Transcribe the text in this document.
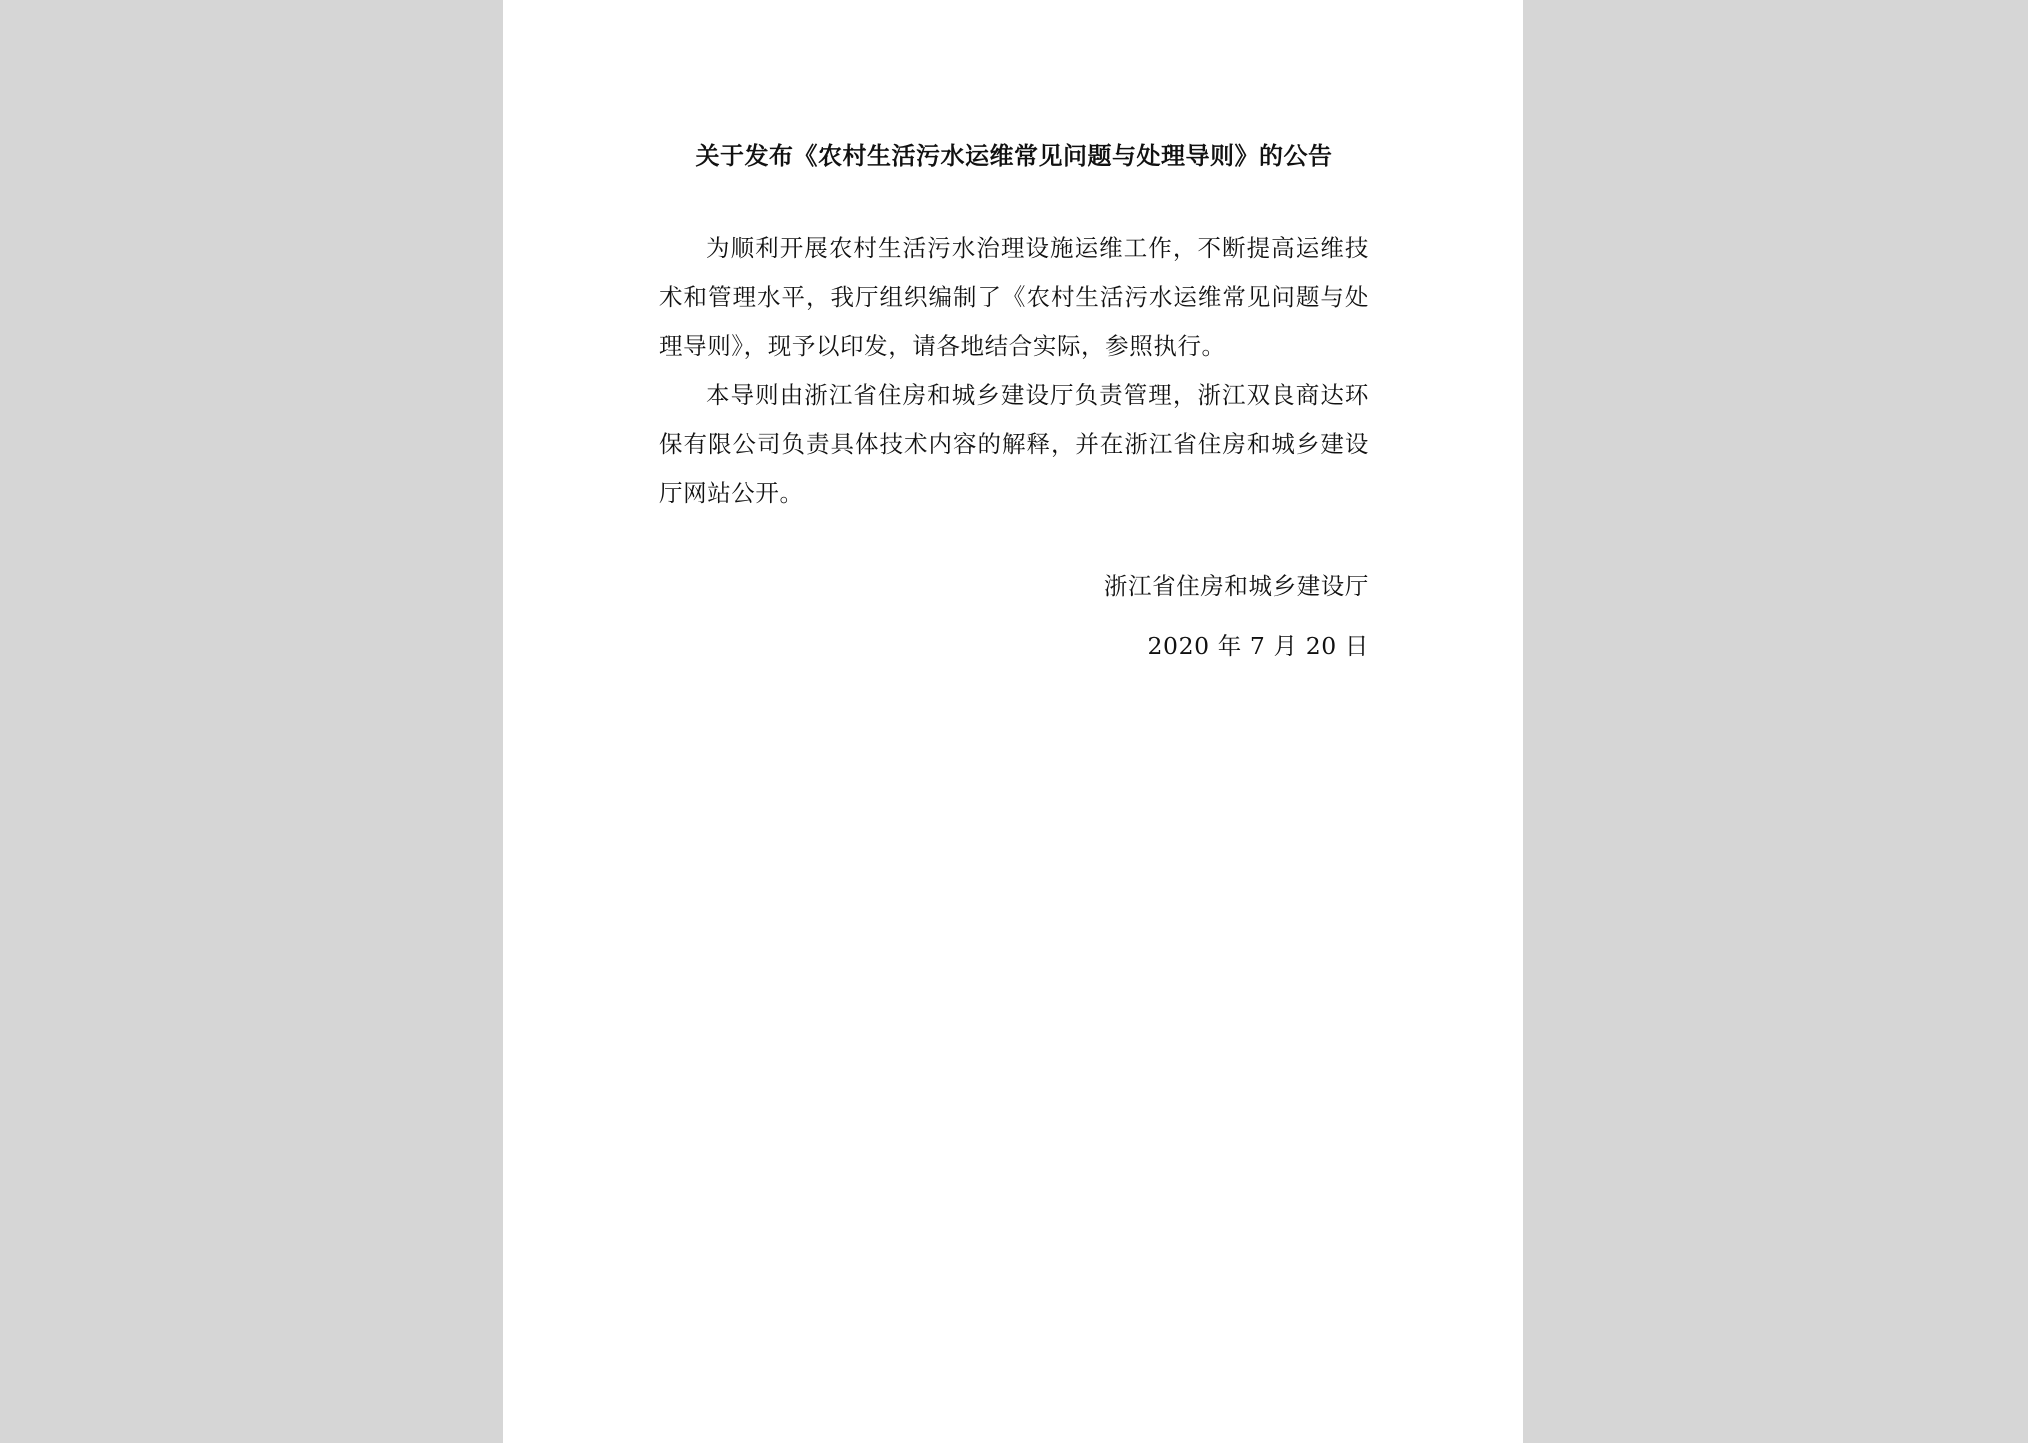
关于发布《农村生活污水运维常见问题与处理导则》的公告

为顺利开展农村生活污水治理设施运维工作，不断提高运维技术和管理水平，我厅组织编制了《农村生活污水运维常见问题与处理导则》，现予以印发，请各地结合实际，参照执行。

本导则由浙江省住房和城乡建设厅负责管理，浙江双良商达环保有限公司负责具体技术内容的解释，并在浙江省住房和城乡建设厅网站公开。

浙江省住房和城乡建设厅
2020 年 7 月 20 日
